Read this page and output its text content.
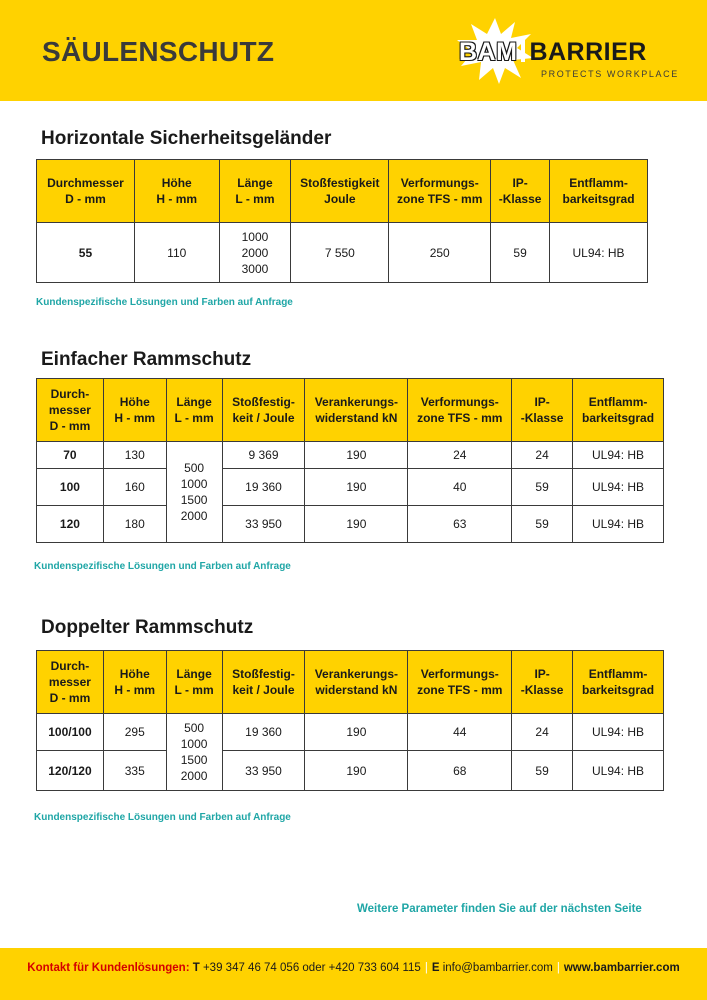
SÄULENSCHUTZ	BAM BARRIER
PROTECTS WORKPLACE
Horizontale Sicherheitsgeländer
Durchmesser
D - mm	Höhe
H - mm	Länge
L - mm	Stoßfestigkeit
Joule	Verformungs-
zone TFS - mm	IP-
-Klasse	Entflamm-
barkeitsgrad
55	110	1000
2000
3000	7 550	250	59	UL94: HB
Kundenspezifische Lösungen und Farben auf Anfrage
Einfacher Rammschutz
Durch-
messer
D - mm	Höhe
H - mm	Länge
L - mm	Stoßfestig-
keit / Joule	Verankerungs-
widerstand kN	Verformungs-
zone TFS - mm	IP-
-Klasse	Entflamm-
barkeitsgrad
70	130	500
1000
1500
2000	9 369	190	24	24	UL94: HB
100	160		19 360	190	40	59	UL94: HB
120	180		33 950	190	63	59	UL94: HB
Kundenspezifische Lösungen und Farben auf Anfrage
Doppelter Rammschutz
Durch-
messer
D - mm	Höhe
H - mm	Länge
L - mm	Stoßfestig-
keit / Joule	Verankerungs-
widerstand kN	Verformungs-
zone TFS - mm	IP-
-Klasse	Entflamm-
barkeitsgrad
100/100	295	500
1000
1500
2000	19 360	190	44	24	UL94: HB
120/120	335		33 950	190	68	59	UL94: HB
Kundenspezifische Lösungen und Farben auf Anfrage
Weitere Parameter finden Sie auf der nächsten Seite
Kontakt für Kundenlösungen: T +39 347 46 74 056 oder +420 733 604 115 | E info@bambarrier.com | www.bambarrier.com
